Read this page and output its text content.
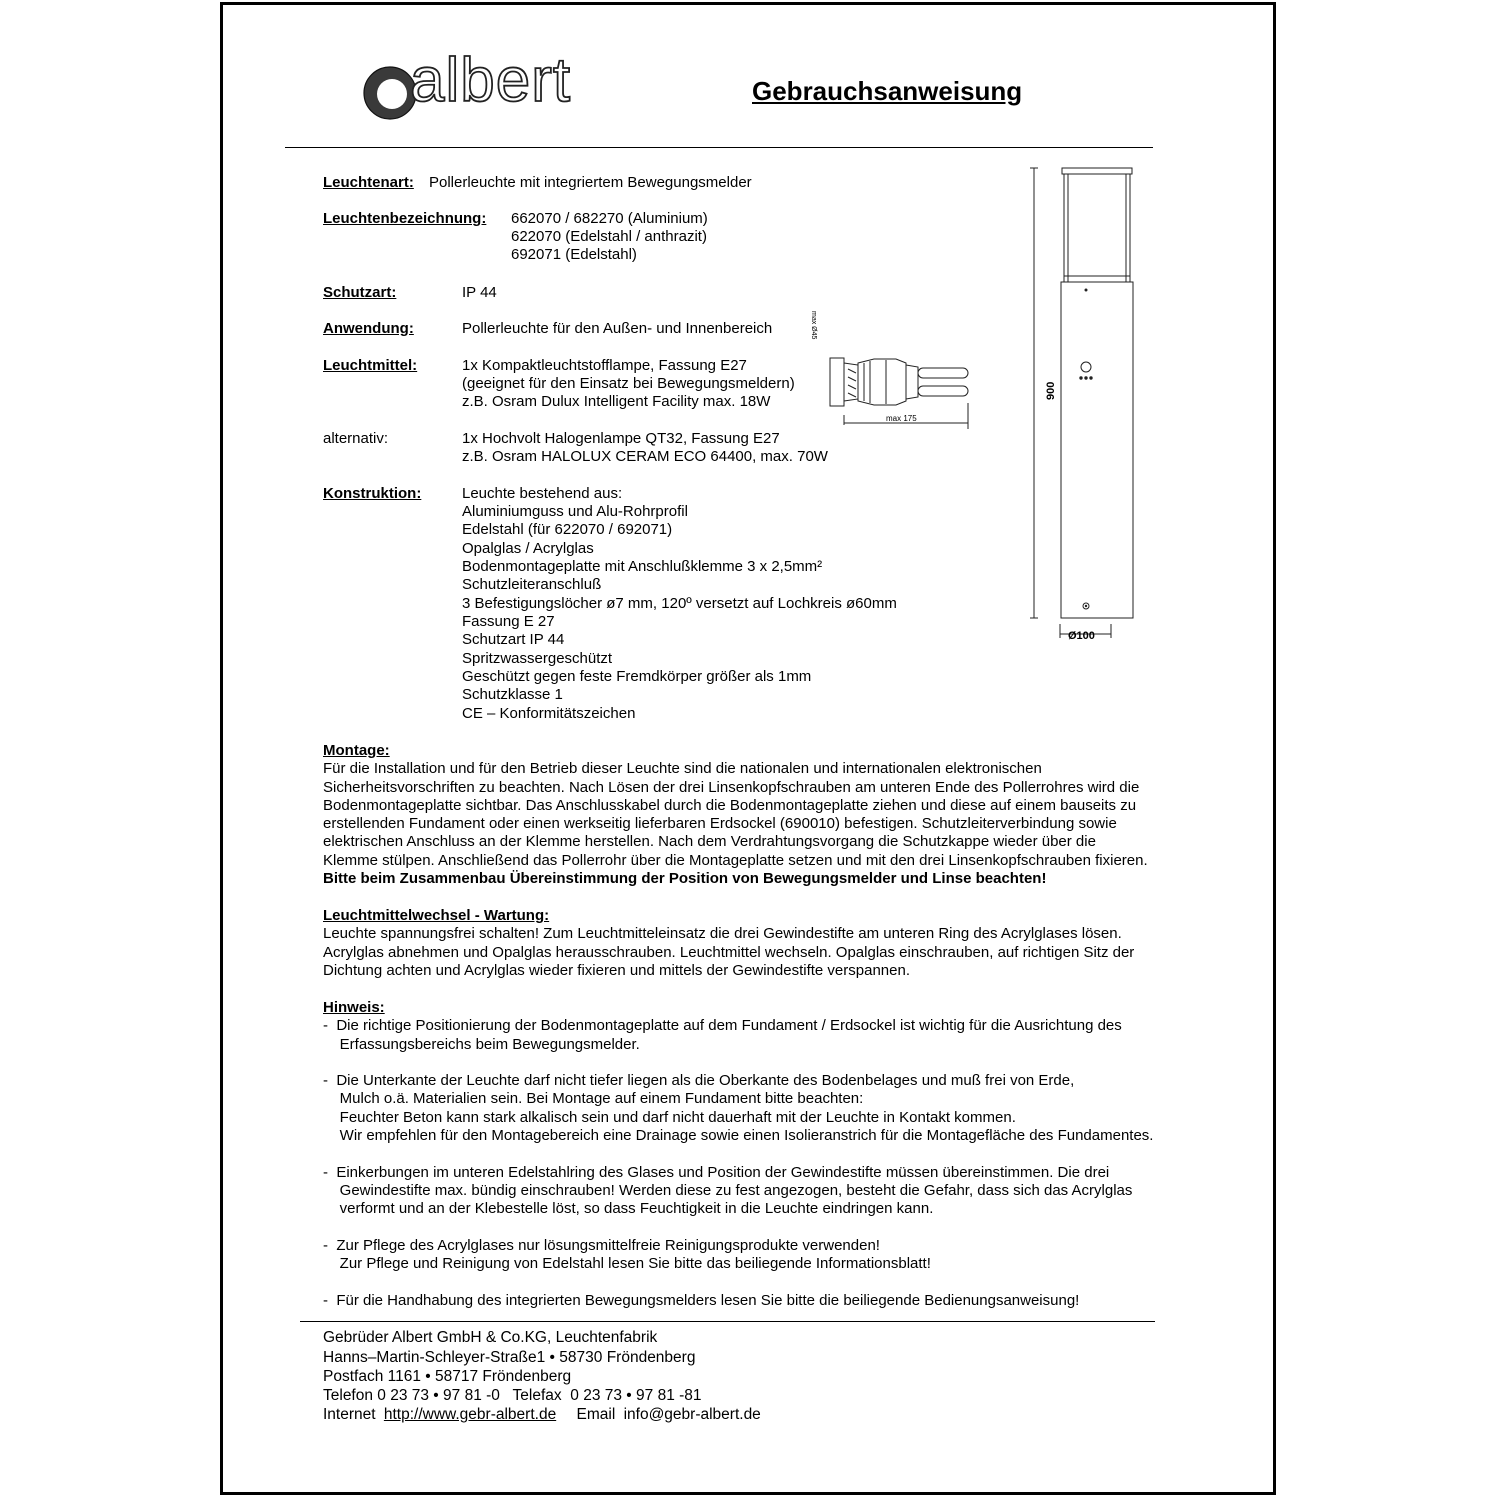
albert	Gebrauchsanweisung
Leuchtenart: Pollerleuchte mit integriertem Bewegungsmelder
Leuchtenbezeichnung: 662070 / 682270 (Aluminium)
622070 (Edelstahl / anthrazit)
692071 (Edelstahl)
Schutzart:	IP 44
Anwendung:	Pollerleuchte für den Außen- und Innenbereich
Leuchtmittel:	1x Kompaktleuchtstofflampe, Fassung E27
(geeignet für den Einsatz bei Bewegungsmeldern)
z.B. Osram Dulux Intelligent Facility max. 18W
alternativ:	1x Hochvolt Halogenlampe QT32, Fassung E27
z.B. Osram HALOLUX CERAM ECO 64400, max. 70W
Konstruktion:	Leuchte bestehend aus:
Aluminiumguss und Alu-Rohrprofil
Edelstahl (für 622070 / 692071)
Opalglas / Acrylglas
Bodenmontageplatte mit Anschlußklemme 3 x 2,5mm²
Schutzleiteranschluß
3 Befestigungslöcher ø7 mm, 120º versetzt auf Lochkreis ø60mm
Fassung E 27
Schutzart IP 44
Spritzwassergeschützt
Geschützt gegen feste Fremdkörper größer als 1mm
Schutzklasse 1
CE – Konformitätszeichen
max Ø45
max 175
900
Ø100

Montage:

Für die Installation und für den Betrieb dieser Leuchte sind die nationalen und internationalen elektronischen

Sicherheitsvorschriften zu beachten. Nach Lösen der drei Linsenkopfschrauben am unteren Ende des Pollerrohres wird die

Bodenmontageplatte sichtbar. Das Anschlusskabel durch die Bodenmontageplatte ziehen und diese auf einem bauseits zu

erstellenden Fundament oder einen werkseitig lieferbaren Erdsockel (690010) befestigen. Schutzleiterverbindung sowie

elektrischen Anschluss an der Klemme herstellen. Nach dem Verdrahtungsvorgang die Schutzkappe wieder über die

Klemme stülpen. Anschließend das Pollerrohr über die Montageplatte setzen und mit den drei Linsenkopfschrauben fixieren.

Bitte beim Zusammenbau Übereinstimmung der Position von Bewegungsmelder und Linse beachten!

Leuchtmittelwechsel - Wartung:

Leuchte spannungsfrei schalten! Zum Leuchtmitteleinsatz die drei Gewindestifte am unteren Ring des Acrylglases lösen.

Acrylglas abnehmen und Opalglas herausschrauben. Leuchtmittel wechseln. Opalglas einschrauben, auf richtigen Sitz der

Dichtung achten und Acrylglas wieder fixieren und mittels der Gewindestifte verspannen.

Hinweis:

-  Die richtige Positionierung der Bodenmontageplatte auf dem Fundament / Erdsockel ist wichtig für die Ausrichtung des

Erfassungsbereichs beim Bewegungsmelder.

-  Die Unterkante der Leuchte darf nicht tiefer liegen als die Oberkante des Bodenbelages und muß frei von Erde,

Mulch o.ä. Materialien sein. Bei Montage auf einem Fundament bitte beachten:

Feuchter Beton kann stark alkalisch sein und darf nicht dauerhaft mit der Leuchte in Kontakt kommen.

Wir empfehlen für den Montagebereich eine Drainage sowie einen Isolieranstrich für die Montagefläche des Fundamentes.

-  Einkerbungen im unteren Edelstahlring des Glases und Position der Gewindestifte müssen übereinstimmen. Die drei

Gewindestifte max. bündig einschrauben! Werden diese zu fest angezogen, besteht die Gefahr, dass sich das Acrylglas

verformt und an der Klebestelle löst, so dass Feuchtigkeit in die Leuchte eindringen kann.

-  Zur Pflege des Acrylglases nur lösungsmittelfreie Reinigungsprodukte verwenden!

Zur Pflege und Reinigung von Edelstahl lesen Sie bitte das beiliegende Informationsblatt!

-  Für die Handhabung des integrierten Bewegungsmelders lesen Sie bitte die beiliegende Bedienungsanweisung!

Gebrüder Albert GmbH & Co.KG, Leuchtenfabrik
Hanns–Martin-Schleyer-Straße1 • 58730 Fröndenberg
Postfach 1161 • 58717 Fröndenberg
Telefon 0 23 73 • 97 81 -0   Telefax  0 23 73 • 97 81 -81
Internet http://www.gebr-albert.de Email info@gebr-albert.de
